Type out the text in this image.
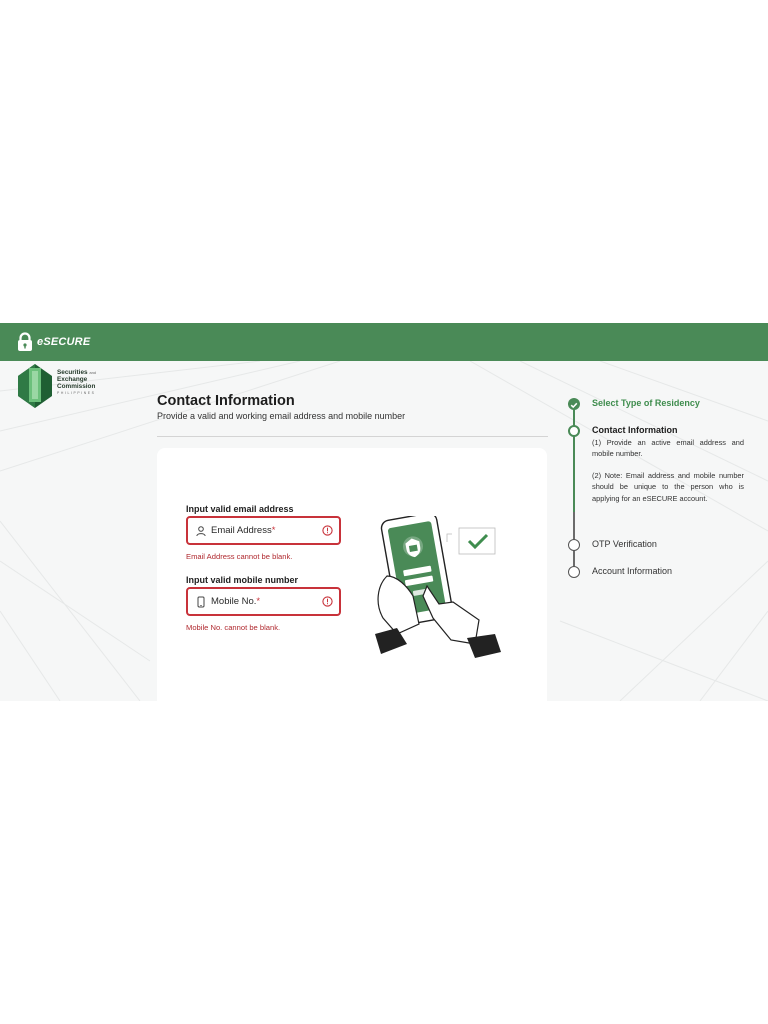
eSECURE
Securities and
Exchange
Commission
PHILIPPINES
Contact Information
Provide a valid and working email address and mobile number
Input valid email address
Email Address*
Email Address cannot be blank.
Input valid mobile number
Mobile No.*
Mobile No. cannot be blank.
Select Type of Residency
Contact Information
(1) Provide an active email address and mobile number.
(2) Note: Email address and mobile number should be unique to the person who is applying for an eSECURE account.
OTP Verification
Account Information
